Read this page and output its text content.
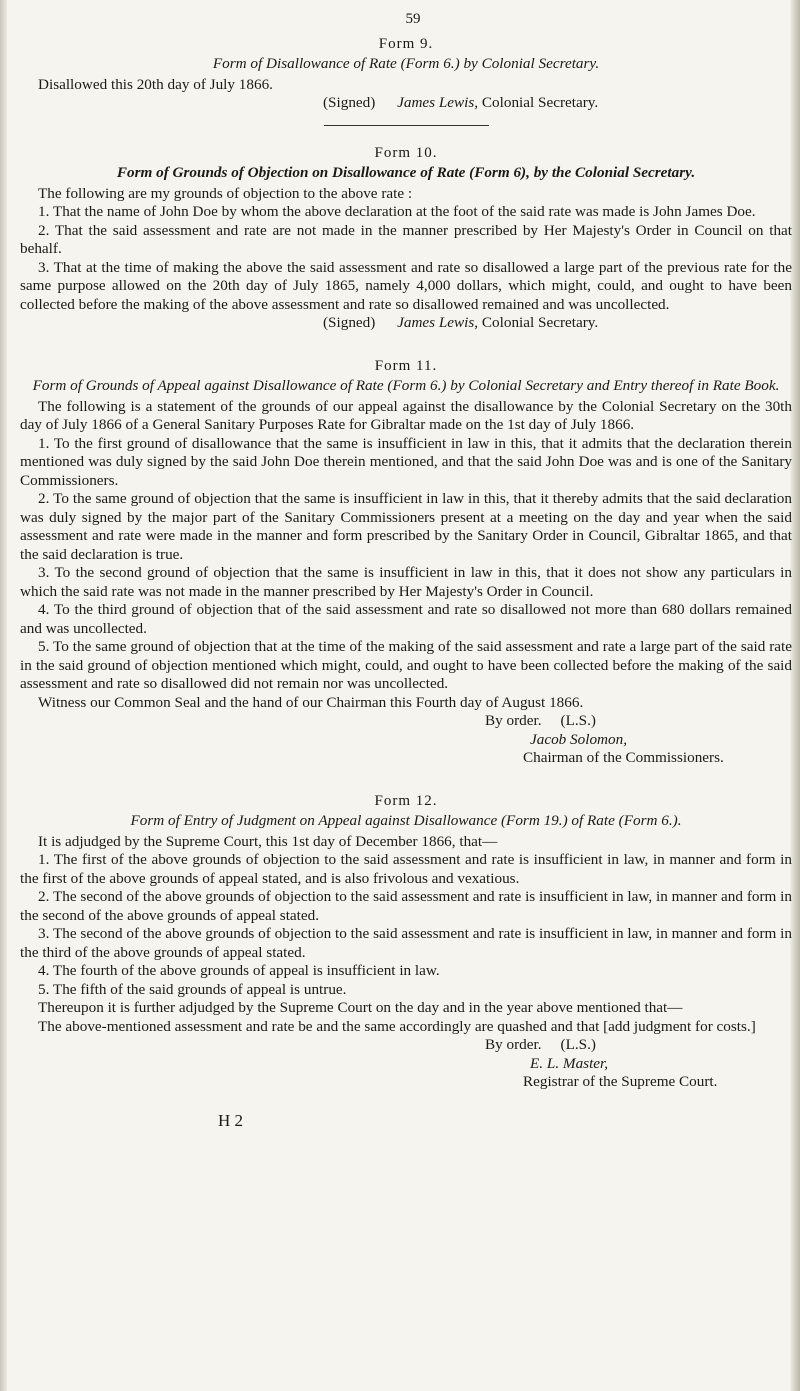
59
Form 9.
Form of Disallowance of Rate (Form 6.) by Colonial Secretary.

Disallowed this 20th day of July 1866.

(Signed) James Lewis, Colonial Secretary.

Form 10.
Form of Grounds of Objection on Disallowance of Rate (Form 6), by the Colonial Secretary.

The following are my grounds of objection to the above rate :

1. That the name of John Doe by whom the above declaration at the foot of the said rate was made is John James Doe.

2. That the said assessment and rate are not made in the manner prescribed by Her Majesty's Order in Council on that behalf.

3. That at the time of making the above the said assessment and rate so disallowed a large part of the previous rate for the same purpose allowed on the 20th day of July 1865, namely 4,000 dollars, which might, could, and ought to have been collected before the making of the above assessment and rate so disallowed remained and was uncollected.

(Signed) James Lewis, Colonial Secretary.

Form 11.
Form of Grounds of Appeal against Disallowance of Rate (Form 6.) by Colonial Secretary and Entry thereof in Rate Book.

The following is a statement of the grounds of our appeal against the disallowance by the Colonial Secretary on the 30th day of July 1866 of a General Sanitary Purposes Rate for Gibraltar made on the 1st day of July 1866.

1. To the first ground of disallowance that the same is insufficient in law in this, that it admits that the declaration therein mentioned was duly signed by the said John Doe therein mentioned, and that the said John Doe was and is one of the Sanitary Commissioners.

2. To the same ground of objection that the same is insufficient in law in this, that it thereby admits that the said declaration was duly signed by the major part of the Sanitary Commissioners present at a meeting on the day and year when the said assessment and rate were made in the manner and form prescribed by the Sanitary Order in Council, Gibraltar 1865, and that the said declaration is true.

3. To the second ground of objection that the same is insufficient in law in this, that it does not show any particulars in which the said rate was not made in the manner prescribed by Her Majesty's Order in Council.

4. To the third ground of objection that of the said assessment and rate so disallowed not more than 680 dollars remained and was uncollected.

5. To the same ground of objection that at the time of the making of the said assessment and rate a large part of the said rate in the said ground of objection mentioned which might, could, and ought to have been collected before the making of the said assessment and rate so disallowed did not remain nor was uncollected.

Witness our Common Seal and the hand of our Chairman this Fourth day of August 1866.

By order. (L.S.)

Jacob Solomon,

Chairman of the Commissioners.

Form 12.
Form of Entry of Judgment on Appeal against Disallowance (Form 19.) of Rate (Form 6.).

It is adjudged by the Supreme Court, this 1st day of December 1866, that—

1. The first of the above grounds of objection to the said assessment and rate is insufficient in law, in manner and form in the first of the above grounds of appeal stated, and is also frivolous and vexatious.

2. The second of the above grounds of objection to the said assessment and rate is insufficient in law, in manner and form in the second of the above grounds of appeal stated.

3. The second of the above grounds of objection to the said assessment and rate is insufficient in law, in manner and form in the third of the above grounds of appeal stated.

4. The fourth of the above grounds of appeal is insufficient in law.

5. The fifth of the said grounds of appeal is untrue.

Thereupon it is further adjudged by the Supreme Court on the day and in the year above mentioned that—

The above-mentioned assessment and rate be and the same accordingly are quashed and that [add judgment for costs.]

By order. (L.S.)

E. L. Master,

Registrar of the Supreme Court.

H 2
